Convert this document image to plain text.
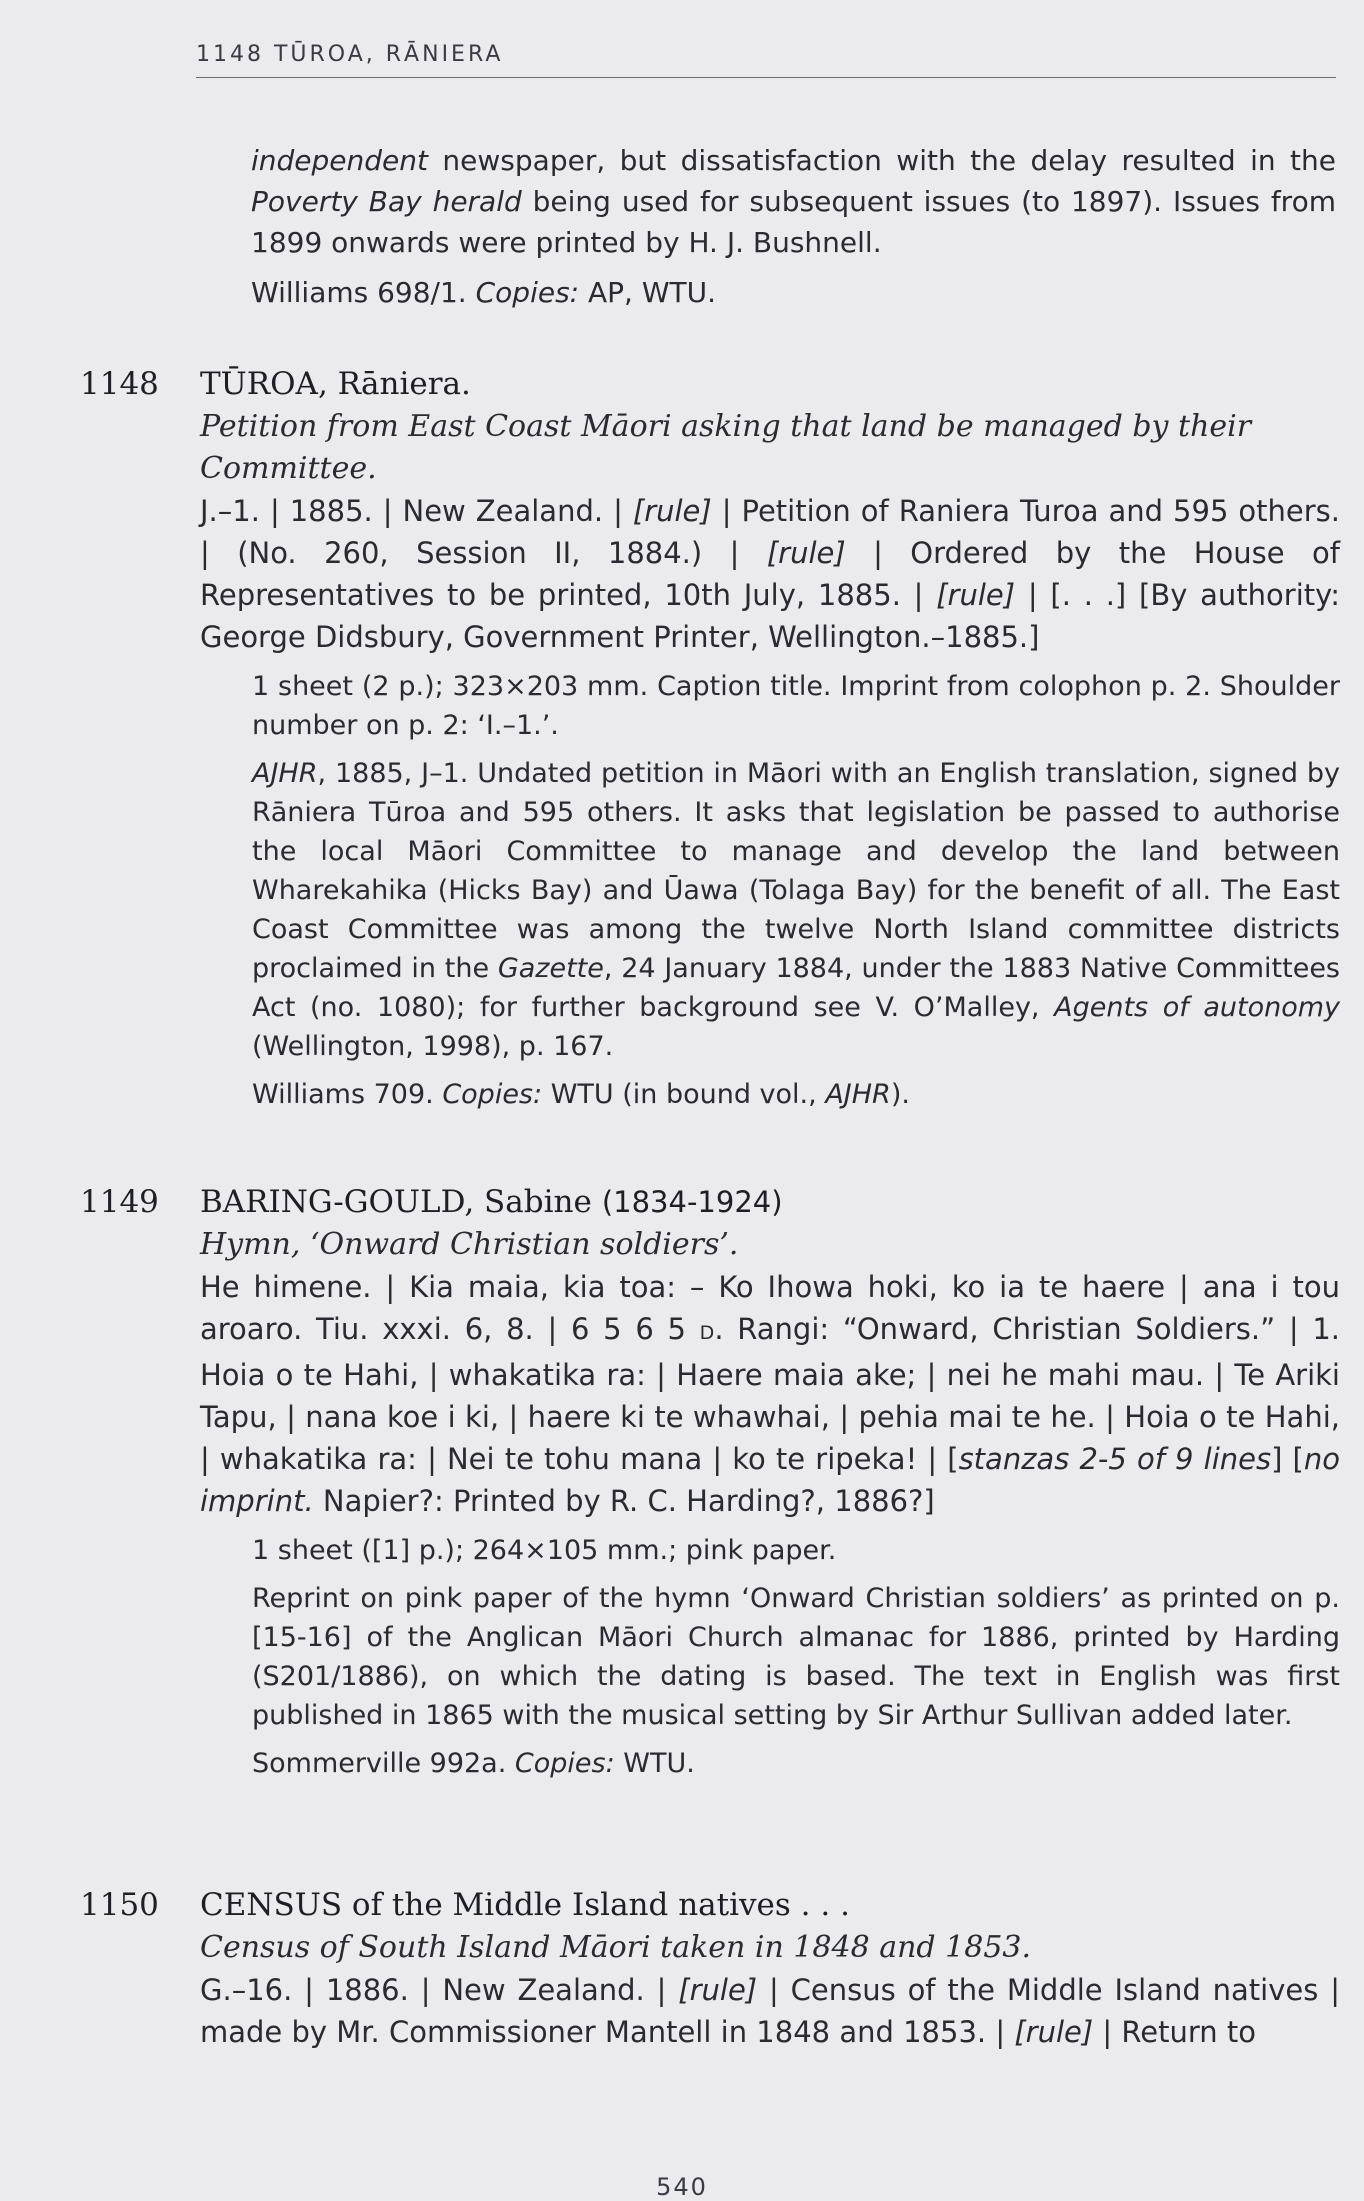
1148 TŪROA, RĀNIERA

independent newspaper, but dissatisfaction with the delay resulted in the Poverty Bay herald being used for subsequent issues (to 1897). Issues from 1899 onwards were printed by H. J. Bushnell.

Williams 698/1. Copies: AP, WTU.

1148 TŪROA, Rāniera.
Petition from East Coast Māori asking that land be managed by their Committee.

J.–1. | 1885. | New Zealand. | [rule] | Petition of Raniera Turoa and 595 others. | (No. 260, Session II, 1884.) | [rule] | Ordered by the House of Representatives to be printed, 10th July, 1885. | [rule] | [. . .] [By authority: George Didsbury, Government Printer, Wellington.–1885.]

1 sheet (2 p.); 323×203 mm. Caption title. Imprint from colophon p. 2. Shoulder number on p. 2: ‘I.–1.’.

AJHR, 1885, J–1. Undated petition in Māori with an English translation, signed by Rāniera Tūroa and 595 others. It asks that legislation be passed to authorise the local Māori Committee to manage and develop the land between Wharekahika (Hicks Bay) and Ūawa (Tolaga Bay) for the benefit of all. The East Coast Committee was among the twelve North Island committee districts proclaimed in the Gazette, 24 January 1884, under the 1883 Native Committees Act (no. 1080); for further background see V. O’Malley, Agents of autonomy (Wellington, 1998), p. 167.

Williams 709. Copies: WTU (in bound vol., AJHR).

1149 BARING-GOULD, Sabine (1834-1924)
Hymn, ‘Onward Christian soldiers’.

He himene. | Kia maia, kia toa: – Ko Ihowa hoki, ko ia te haere | ana i tou aroaro. Tiu. xxxi. 6, 8. | 6 5 6 5 D. Rangi: “Onward, Christian Soldiers.” | 1. Hoia o te Hahi, | whakatika ra: | Haere maia ake; | nei he mahi mau. | Te Ariki Tapu, | nana koe i ki, | haere ki te whawhai, | pehia mai te he. | Hoia o te Hahi, | whakatika ra: | Nei te tohu mana | ko te ripeka! | [stanzas 2-5 of 9 lines] [no imprint. Napier?: Printed by R. C. Harding?, 1886?]

1 sheet ([1] p.); 264×105 mm.; pink paper.

Reprint on pink paper of the hymn ‘Onward Christian soldiers’ as printed on p. [15-16] of the Anglican Māori Church almanac for 1886, printed by Harding (S201/1886), on which the dating is based. The text in English was first published in 1865 with the musical setting by Sir Arthur Sullivan added later.

Sommerville 992a. Copies: WTU.

1150 CENSUS of the Middle Island natives . . .
Census of South Island Māori taken in 1848 and 1853.

G.–16. | 1886. | New Zealand. | [rule] | Census of the Middle Island natives | made by Mr. Commissioner Mantell in 1848 and 1853. | [rule] | Return to

540
